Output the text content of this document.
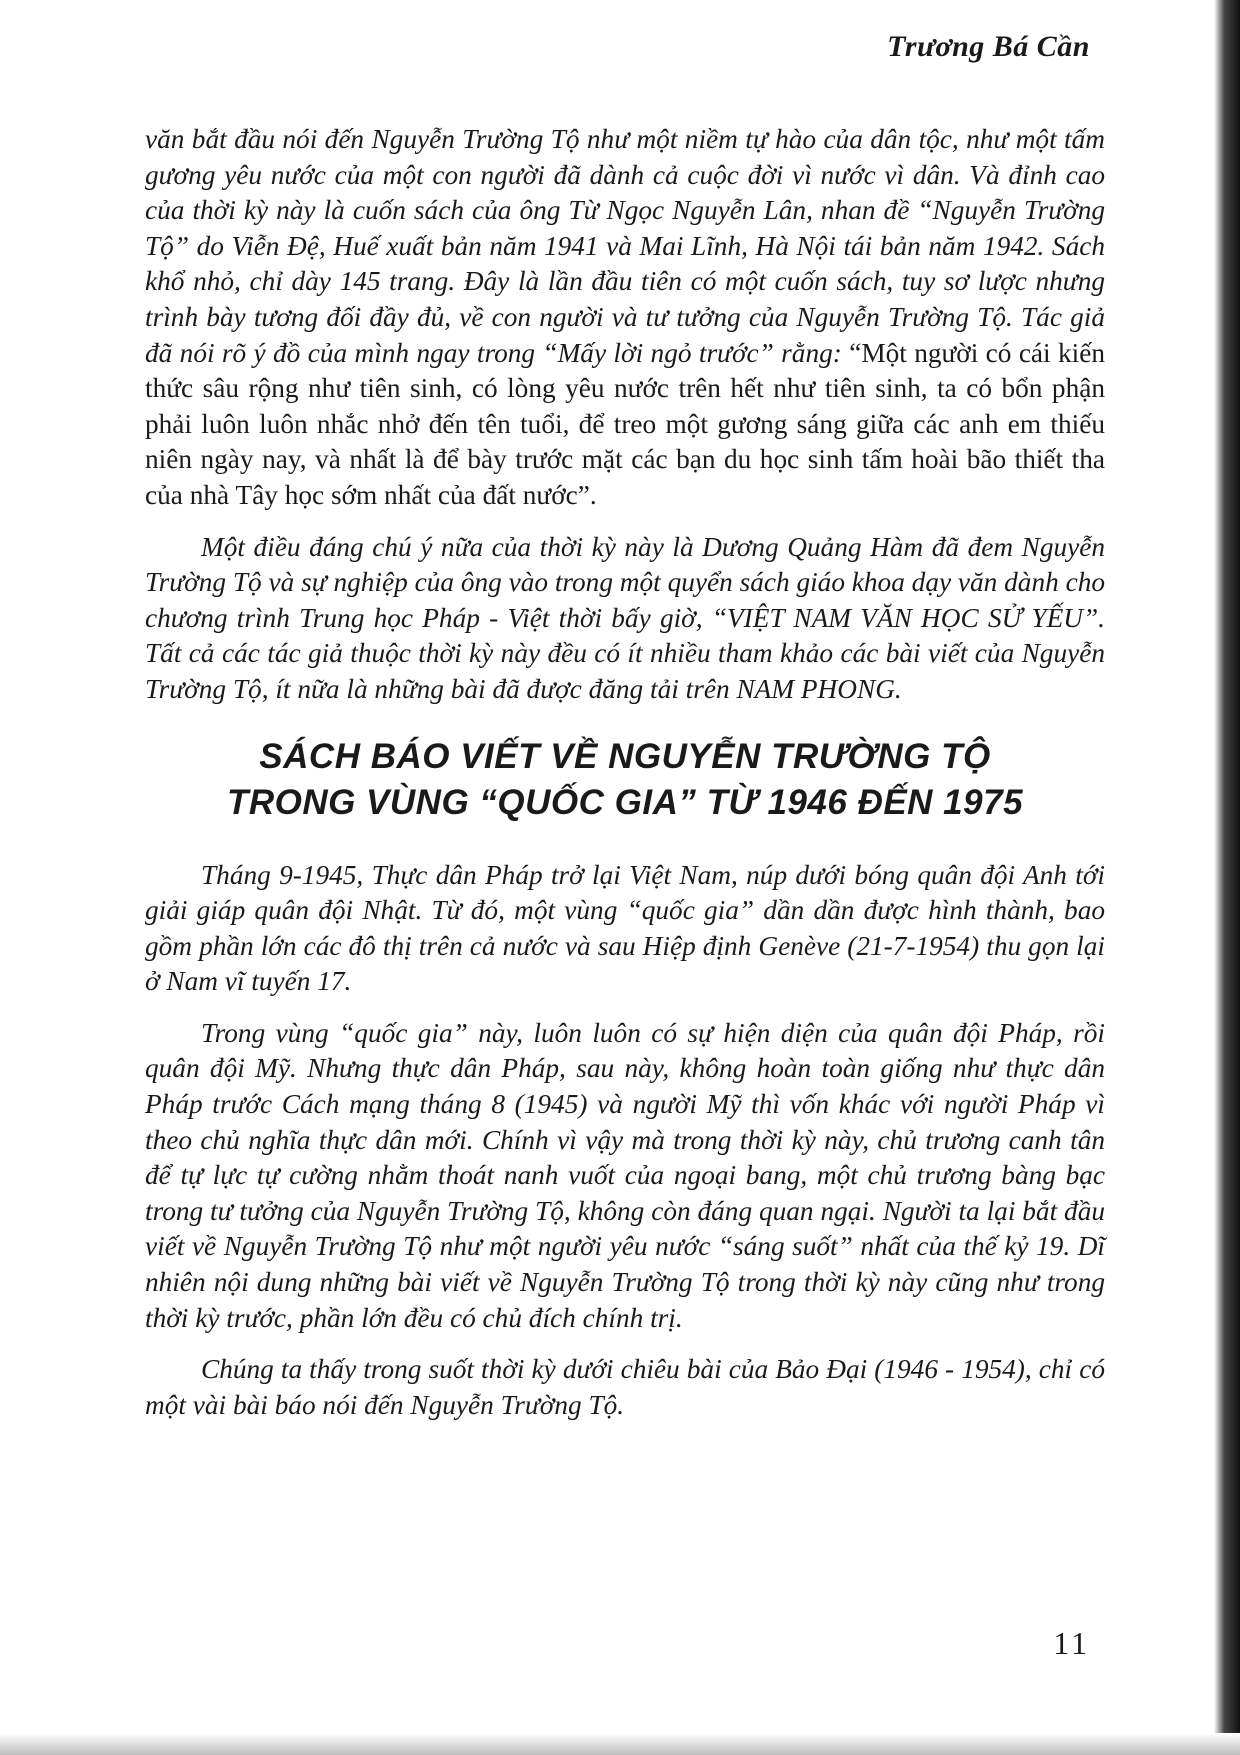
Trương Bá Cần

văn bắt đầu nói đến Nguyễn Trường Tộ như một niềm tự hào của dân tộc, như một tấm gương yêu nước của một con người đã dành cả cuộc đời vì nước vì dân. Và đỉnh cao của thời kỳ này là cuốn sách của ông Từ Ngọc Nguyễn Lân, nhan đề “Nguyễn Trường Tộ” do Viễn Đệ, Huế xuất bản năm 1941 và Mai Lĩnh, Hà Nội tái bản năm 1942. Sách khổ nhỏ, chỉ dày 145 trang. Đây là lần đầu tiên có một cuốn sách, tuy sơ lược nhưng trình bày tương đối đầy đủ, về con người và tư tưởng của Nguyễn Trường Tộ. Tác giả đã nói rõ ý đồ của mình ngay trong “Mấy lời ngỏ trước” rằng: “Một người có cái kiến thức sâu rộng như tiên sinh, có lòng yêu nước trên hết như tiên sinh, ta có bổn phận phải luôn luôn nhắc nhở đến tên tuổi, để treo một gương sáng giữa các anh em thiếu niên ngày nay, và nhất là để bày trước mặt các bạn du học sinh tấm hoài bão thiết tha của nhà Tây học sớm nhất của đất nước”.

Một điều đáng chú ý nữa của thời kỳ này là Dương Quảng Hàm đã đem Nguyễn Trường Tộ và sự nghiệp của ông vào trong một quyển sách giáo khoa dạy văn dành cho chương trình Trung học Pháp - Việt thời bấy giờ, “VIỆT NAM VĂN HỌC SỬ YẾU”. Tất cả các tác giả thuộc thời kỳ này đều có ít nhiều tham khảo các bài viết của Nguyễn Trường Tộ, ít nữa là những bài đã được đăng tải trên NAM PHONG.

SÁCH BÁO VIẾT VỀ NGUYỄN TRƯỜNG TỘ
TRONG VÙNG “QUỐC GIA” TỪ 1946 ĐẾN 1975

Tháng 9-1945, Thực dân Pháp trở lại Việt Nam, núp dưới bóng quân đội Anh tới giải giáp quân đội Nhật. Từ đó, một vùng “quốc gia” dần dần được hình thành, bao gồm phần lớn các đô thị trên cả nước và sau Hiệp định Genève (21-7-1954) thu gọn lại ở Nam vĩ tuyến 17.

Trong vùng “quốc gia” này, luôn luôn có sự hiện diện của quân đội Pháp, rồi quân đội Mỹ. Nhưng thực dân Pháp, sau này, không hoàn toàn giống như thực dân Pháp trước Cách mạng tháng 8 (1945) và người Mỹ thì vốn khác với người Pháp vì theo chủ nghĩa thực dân mới. Chính vì vậy mà trong thời kỳ này, chủ trương canh tân để tự lực tự cường nhằm thoát nanh vuốt của ngoại bang, một chủ trương bàng bạc trong tư tưởng của Nguyễn Trường Tộ, không còn đáng quan ngại. Người ta lại bắt đầu viết về Nguyễn Trường Tộ như một người yêu nước “sáng suốt” nhất của thế kỷ 19. Dĩ nhiên nội dung những bài viết về Nguyễn Trường Tộ trong thời kỳ này cũng như trong thời kỳ trước, phần lớn đều có chủ đích chính trị.

Chúng ta thấy trong suốt thời kỳ dưới chiêu bài của Bảo Đại (1946 - 1954), chỉ có một vài bài báo nói đến Nguyễn Trường Tộ.

11
